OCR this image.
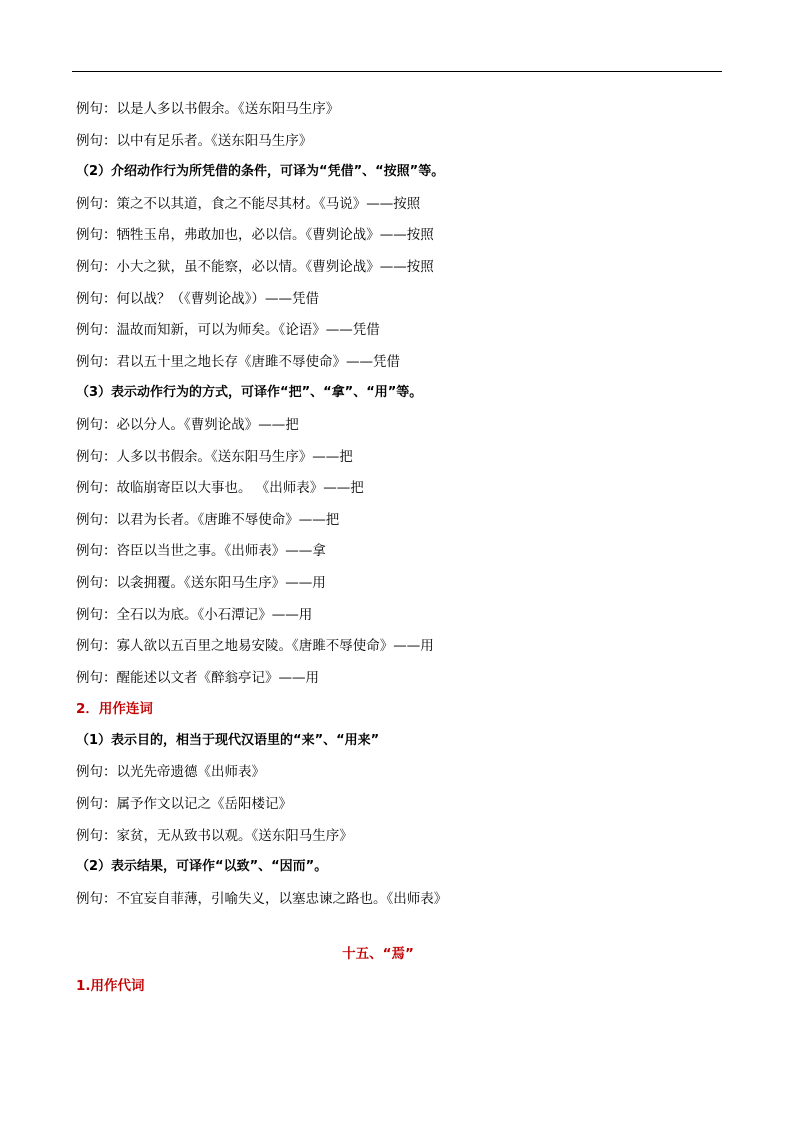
例句：以是人多以书假余。《送东阳马生序》
例句：以中有足乐者。《送东阳马生序》
（2）介绍动作行为所凭借的条件，可译为“凭借”、“按照”等。
例句：策之不以其道，食之不能尽其材。《马说》——按照
例句：牺牲玉帛，弗敢加也，必以信。《曹刿论战》——按照
例句：小大之狱，虽不能察，必以情。《曹刿论战》——按照
例句：何以战？（《曹刿论战》）——凭借
例句：温故而知新，可以为师矣。《论语》——凭借
例句：君以五十里之地长存《唐雎不辱使命》——凭借
（3）表示动作行为的方式，可译作“把”、“拿”、“用”等。
例句：必以分人。《曹刿论战》——把
例句：人多以书假余。《送东阳马生序》——把
例句：故临崩寄臣以大事也。 《出师表》——把
例句：以君为长者。《唐雎不辱使命》——把
例句：咨臣以当世之事。《出师表》——拿
例句：以衾拥覆。《送东阳马生序》——用
例句：全石以为底。《小石潭记》——用
例句：寡人欲以五百里之地易安陵。《唐雎不辱使命》——用
例句：醒能述以文者《醉翁亭记》——用
2．用作连词
（1）表示目的，相当于现代汉语里的“来”、“用来”
例句：以光先帝遗德《出师表》
例句：属予作文以记之《岳阳楼记》
例句：家贫，无从致书以观。《送东阳马生序》
（2）表示结果，可译作“以致”、“因而”。
例句：不宜妄自菲薄，引喻失义，以塞忠谏之路也。《出师表》
十五、“焉”
1.用作代词
